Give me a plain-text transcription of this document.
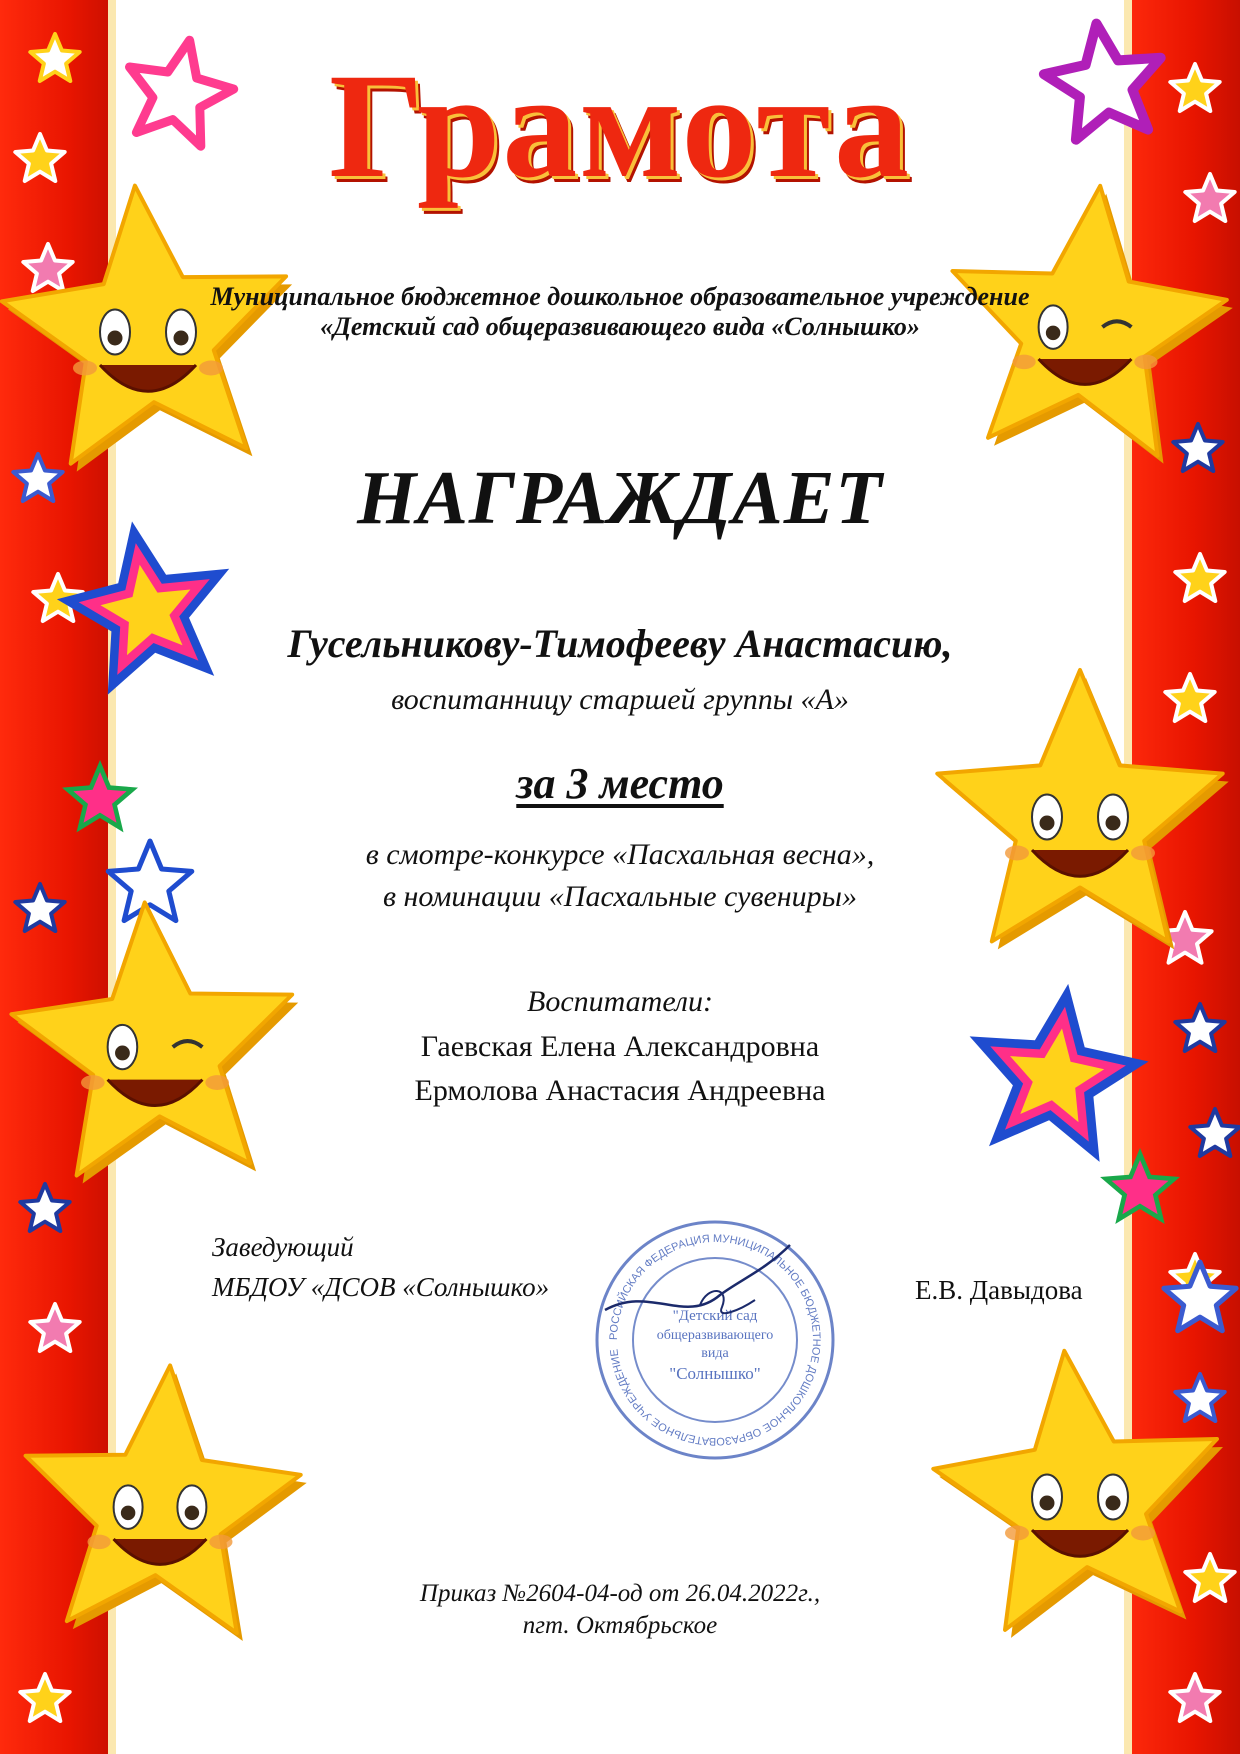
Грамота
Муниципальное бюджетное дошкольное образовательное учреждение
«Детский сад общеразвивающего вида «Солнышко»
НАГРАЖДАЕТ
Гусельникову-Тимофееву Анастасию,
воспитанницу старшей группы «А»
за 3 место
в смотре-конкурсе «Пасхальная весна»,
в номинации «Пасхальные сувениры»
Воспитатели:
Гаевская Елена Александровна
Ермолова Анастасия Андреевна
Заведующий
МБДОУ «ДСОВ «Солнышко»	Е.В. Давыдова
РОССИЙСКАЯ ФЕДЕРАЦИЯ МУНИЦИПАЛЬНОЕ БЮДЖЕТНОЕ ДОШКОЛЬНОЕ ОБРАЗОВАТЕЛЬНОЕ УЧРЕЖДЕНИЕ
"Детский сад
общеразвивающего
вида
"Солнышко"
Приказ №2604-04-од от 26.04.2022г.,
пгт. Октябрьское
